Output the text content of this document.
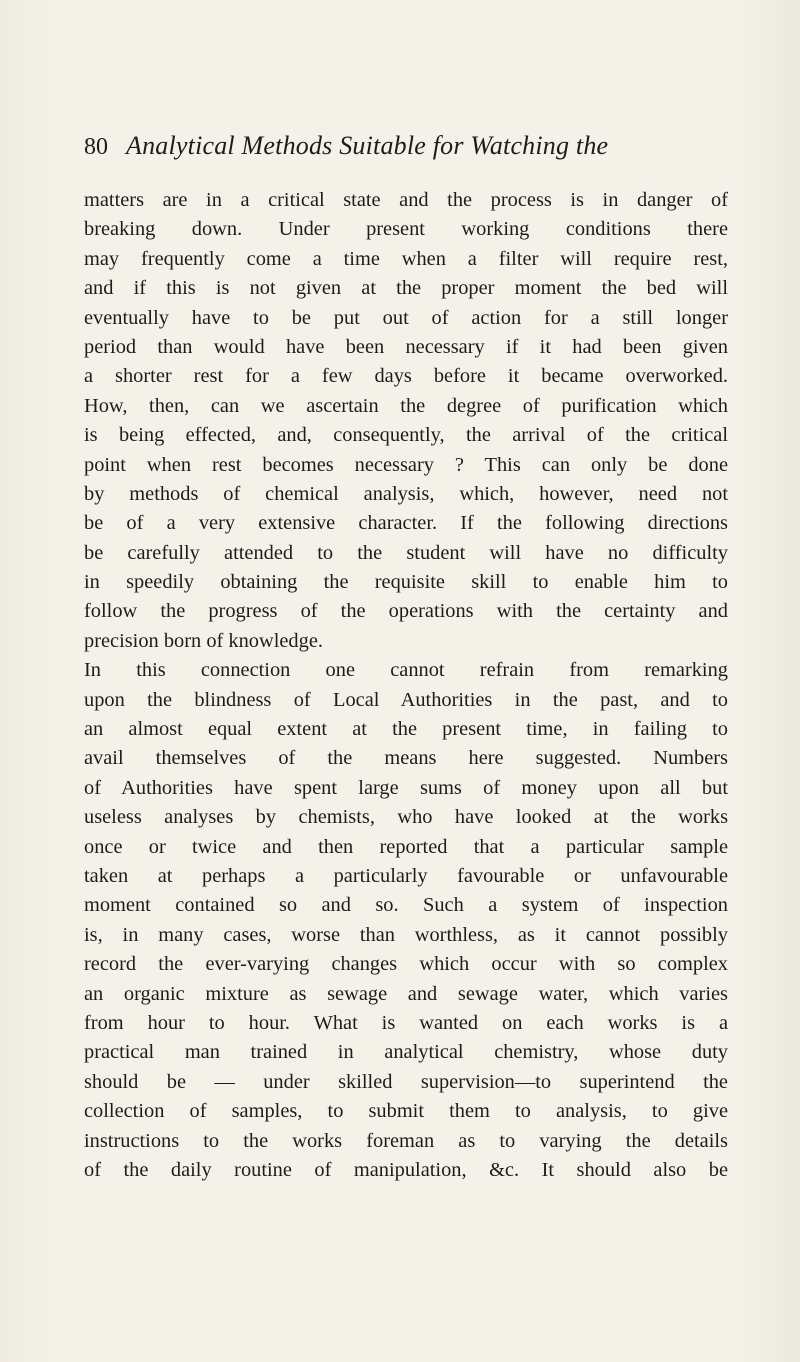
80 Analytical Methods Suitable for Watching the
matters are in a critical state and the process is in danger of
breaking down. Under present working conditions there
may frequently come a time when a filter will require rest,
and if this is not given at the proper moment the bed will
eventually have to be put out of action for a still longer
period than would have been necessary if it had been given
a shorter rest for a few days before it became overworked.
How, then, can we ascertain the degree of purification which
is being effected, and, consequently, the arrival of the critical
point when rest becomes necessary ? This can only be done
by methods of chemical analysis, which, however, need not
be of a very extensive character. If the following directions
be carefully attended to the student will have no difficulty
in speedily obtaining the requisite skill to enable him to
follow the progress of the operations with the certainty and
precision born of knowledge.
In this connection one cannot refrain from remarking
upon the blindness of Local Authorities in the past, and to
an almost equal extent at the present time, in failing to
avail themselves of the means here suggested. Numbers
of Authorities have spent large sums of money upon all but
useless analyses by chemists, who have looked at the works
once or twice and then reported that a particular sample
taken at perhaps a particularly favourable or unfavourable
moment contained so and so. Such a system of inspection
is, in many cases, worse than worthless, as it cannot possibly
record the ever-varying changes which occur with so complex
an organic mixture as sewage and sewage water, which varies
from hour to hour. What is wanted on each works is a
practical man trained in analytical chemistry, whose duty
should be — under skilled supervision—to superintend the
collection of samples, to submit them to analysis, to give
instructions to the works foreman as to varying the details
of the daily routine of manipulation, &c. It should also be
